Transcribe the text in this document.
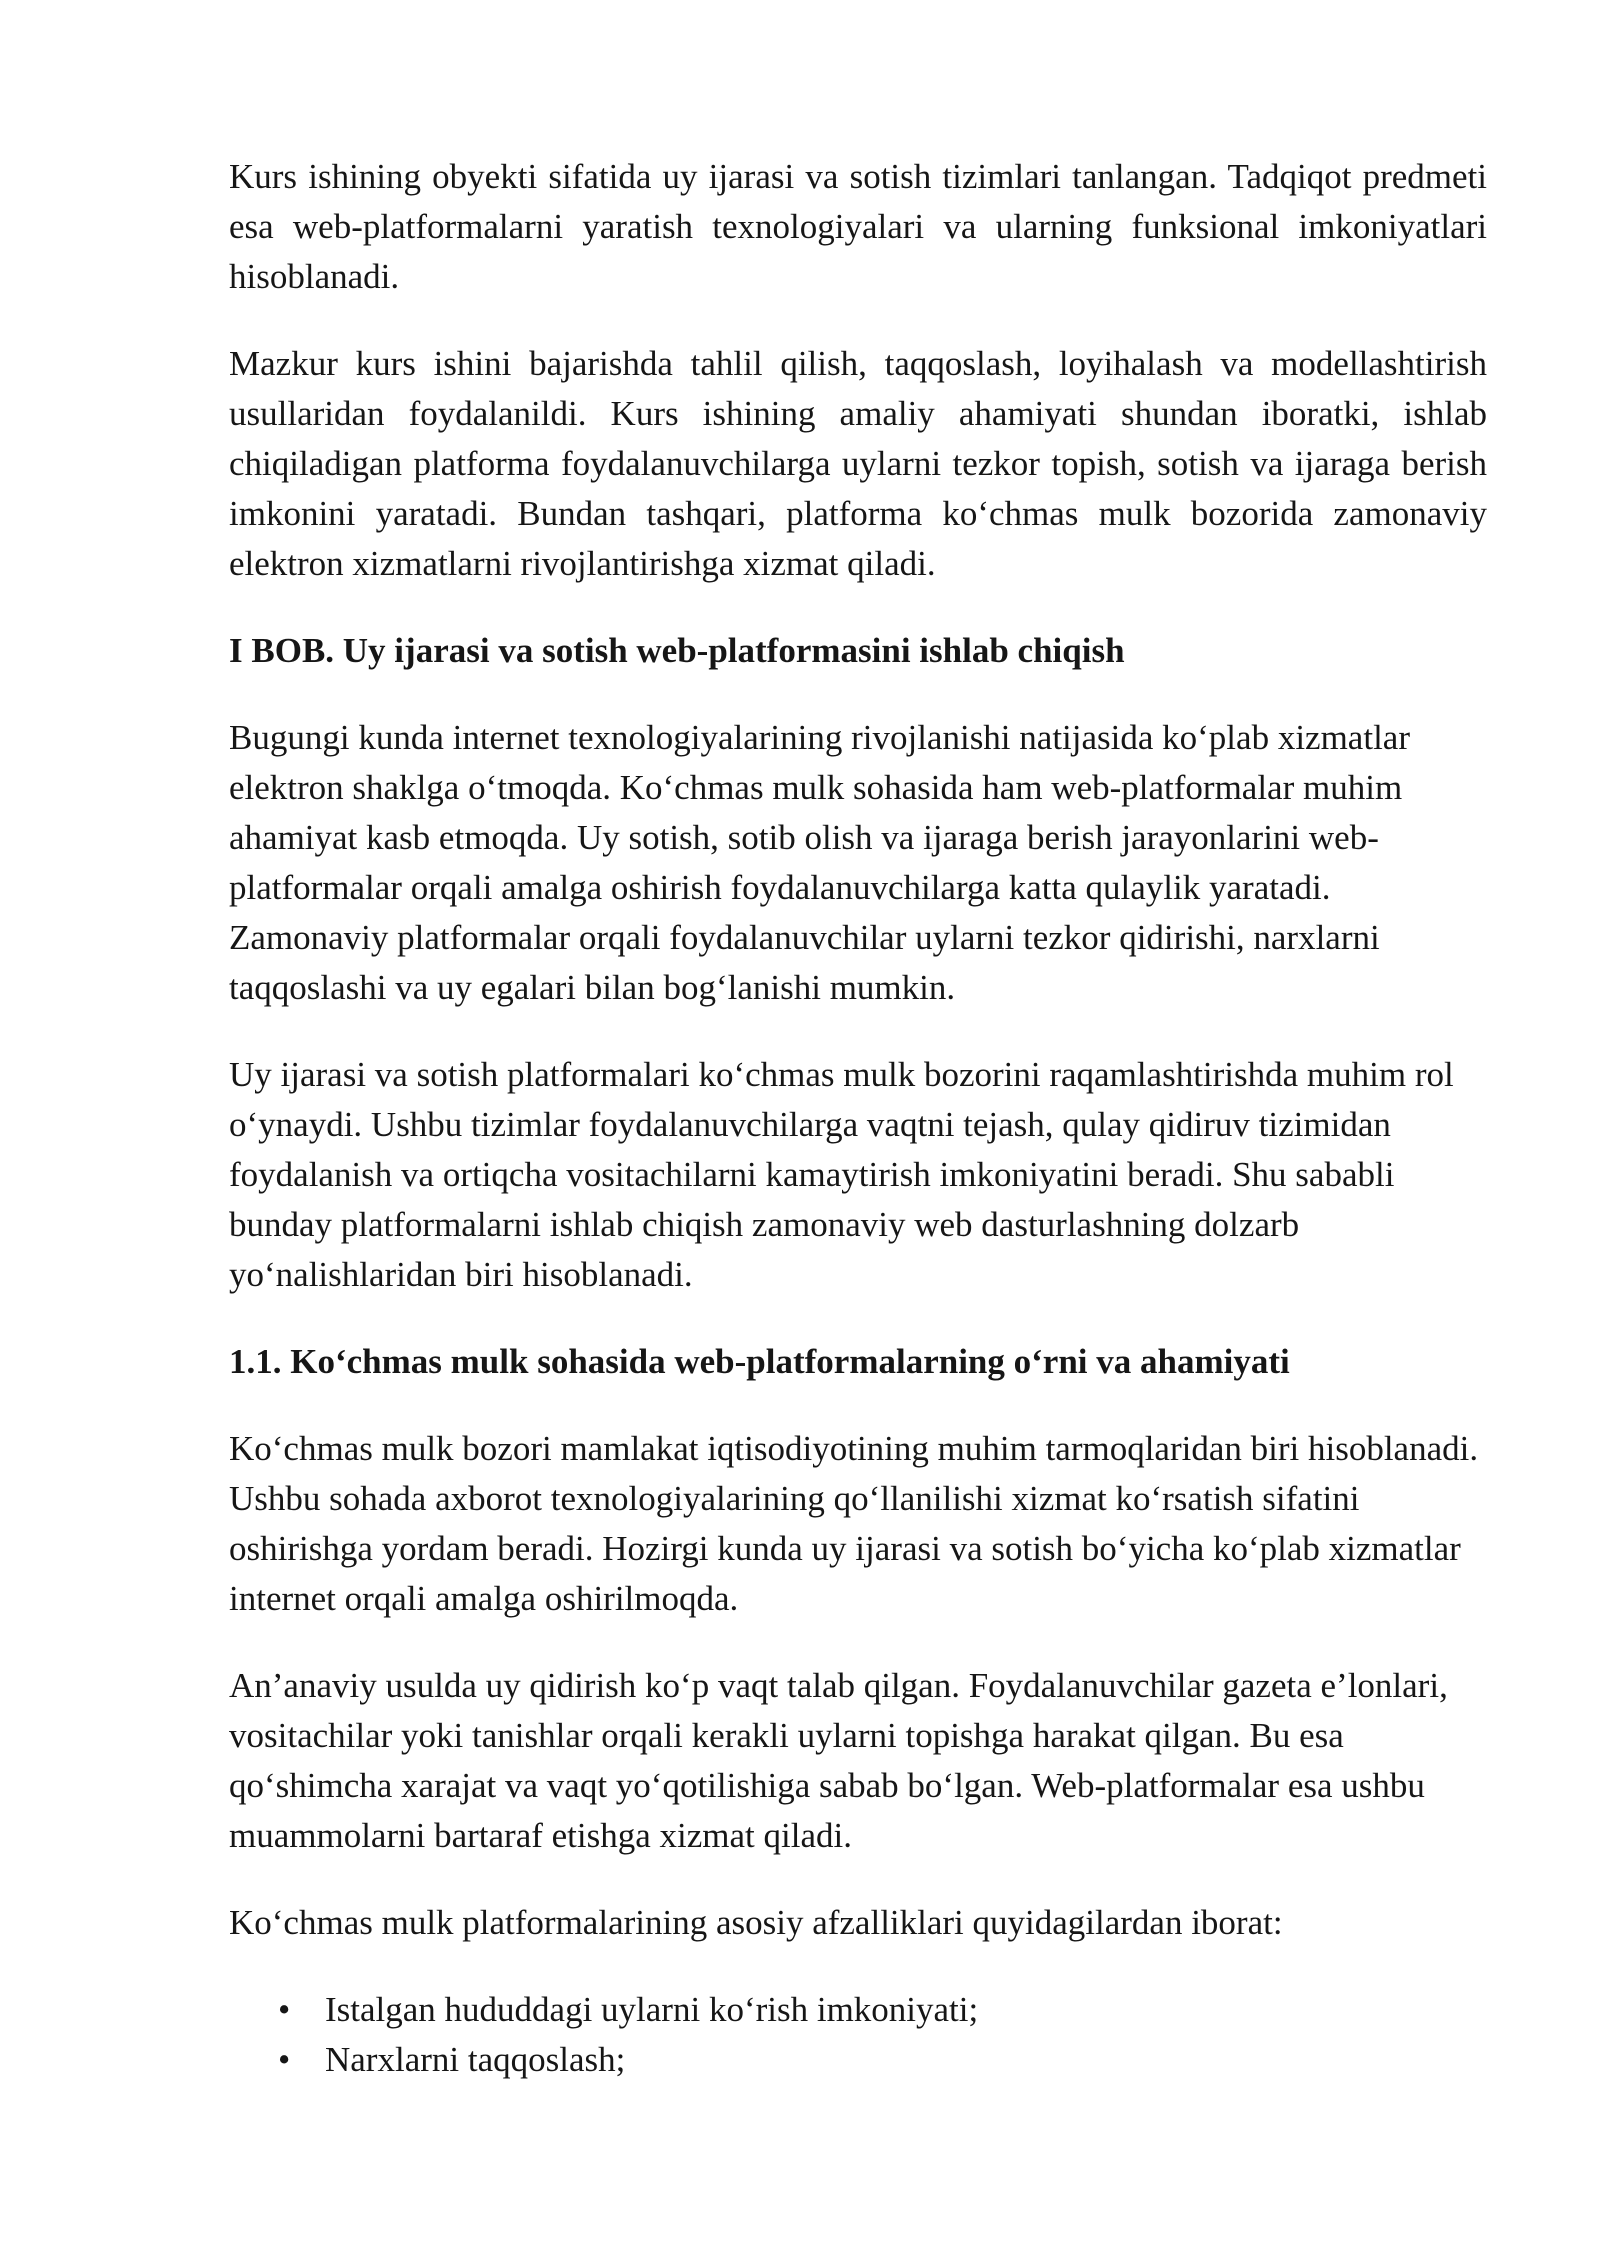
Kurs ishining obyekti sifatida uy ijarasi va sotish tizimlari tanlangan. Tadqiqot predmeti esa web-platformalarni yaratish texnologiyalari va ularning funksional imkoniyatlari hisoblanadi.

Mazkur kurs ishini bajarishda tahlil qilish, taqqoslash, loyihalash va modellashtirish usullaridan foydalanildi. Kurs ishining amaliy ahamiyati shundan iboratki, ishlab chiqiladigan platforma foydalanuvchilarga uylarni tezkor topish, sotish va ijaraga berish imkonini yaratadi. Bundan tashqari, platforma ko‘chmas mulk bozorida zamonaviy elektron xizmatlarni rivojlantirishga xizmat qiladi.

I BOB. Uy ijarasi va sotish web-platformasini ishlab chiqish

Bugungi kunda internet texnologiyalarining rivojlanishi natijasida ko‘plab xizmatlar elektron shaklga o‘tmoqda. Ko‘chmas mulk sohasida ham web-platformalar muhim ahamiyat kasb etmoqda. Uy sotish, sotib olish va ijaraga berish jarayonlarini web-platformalar orqali amalga oshirish foydalanuvchilarga katta qulaylik yaratadi. Zamonaviy platformalar orqali foydalanuvchilar uylarni tezkor qidirishi, narxlarni taqqoslashi va uy egalari bilan bog‘lanishi mumkin.

Uy ijarasi va sotish platformalari ko‘chmas mulk bozorini raqamlashtirishda muhim rol o‘ynaydi. Ushbu tizimlar foydalanuvchilarga vaqtni tejash, qulay qidiruv tizimidan foydalanish va ortiqcha vositachilarni kamaytirish imkoniyatini beradi. Shu sababli bunday platformalarni ishlab chiqish zamonaviy web dasturlashning dolzarb yo‘nalishlaridan biri hisoblanadi.

1.1. Ko‘chmas mulk sohasida web-platformalarning o‘rni va ahamiyati

Ko‘chmas mulk bozori mamlakat iqtisodiyotining muhim tarmoqlaridan biri hisoblanadi. Ushbu sohada axborot texnologiyalarining qo‘llanilishi xizmat ko‘rsatish sifatini oshirishga yordam beradi. Hozirgi kunda uy ijarasi va sotish bo‘yicha ko‘plab xizmatlar internet orqali amalga oshirilmoqda.

An’anaviy usulda uy qidirish ko‘p vaqt talab qilgan. Foydalanuvchilar gazeta e’lonlari, vositachilar yoki tanishlar orqali kerakli uylarni topishga harakat qilgan. Bu esa qo‘shimcha xarajat va vaqt yo‘qotilishiga sabab bo‘lgan. Web-platformalar esa ushbu muammolarni bartaraf etishga xizmat qiladi.

Ko‘chmas mulk platformalarining asosiy afzalliklari quyidagilardan iborat:

• Istalgan hududdagi uylarni ko‘rish imkoniyati;
• Narxlarni taqqoslash;
